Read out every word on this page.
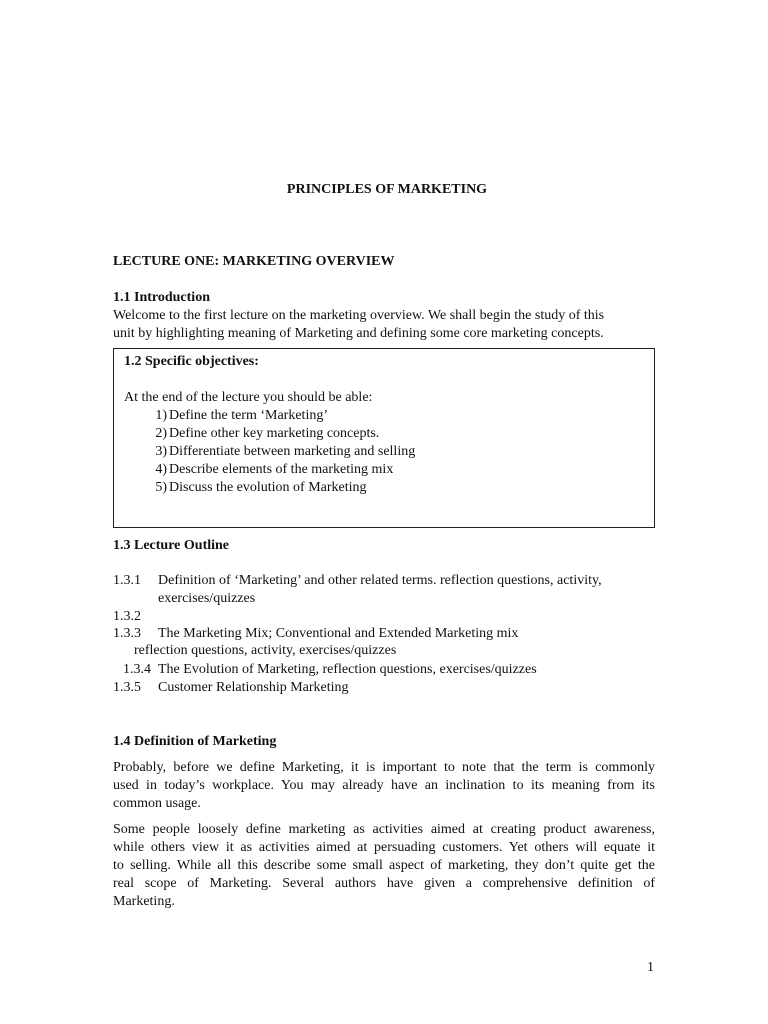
PRINCIPLES OF MARKETING
LECTURE ONE: MARKETING OVERVIEW
1.1 Introduction
Welcome to the first lecture on the marketing overview. We shall begin the study of this
unit by highlighting meaning of Marketing and defining some core marketing concepts.
1.2 Specific objectives:
At the end of the lecture you should be able:
1) Define the term ‘Marketing’
2) Define other key marketing concepts.
3) Differentiate between marketing and selling
4) Describe elements of the marketing mix
5) Discuss the evolution of Marketing
1.3 Lecture Outline
1.3.1 Definition of ‘Marketing’ and other related terms. reflection questions, activity,
exercises/quizzes
1.3.2
1.3.3 The Marketing Mix; Conventional and Extended Marketing mix
reflection questions, activity, exercises/quizzes
1.3.4 The Evolution of Marketing, reflection questions, exercises/quizzes
1.3.5 Customer Relationship Marketing
1.4 Definition of Marketing
Probably, before we define Marketing, it is important to note that the term is commonly
used in today’s workplace. You may already have an inclination to its meaning from its
common usage.
Some people loosely define marketing as activities aimed at creating product awareness,
while others view it as activities aimed at persuading customers. Yet others will equate it
to selling. While all this describe some small aspect of marketing, they don’t quite get the
real scope of Marketing. Several authors have given a comprehensive definition of
Marketing.
1
